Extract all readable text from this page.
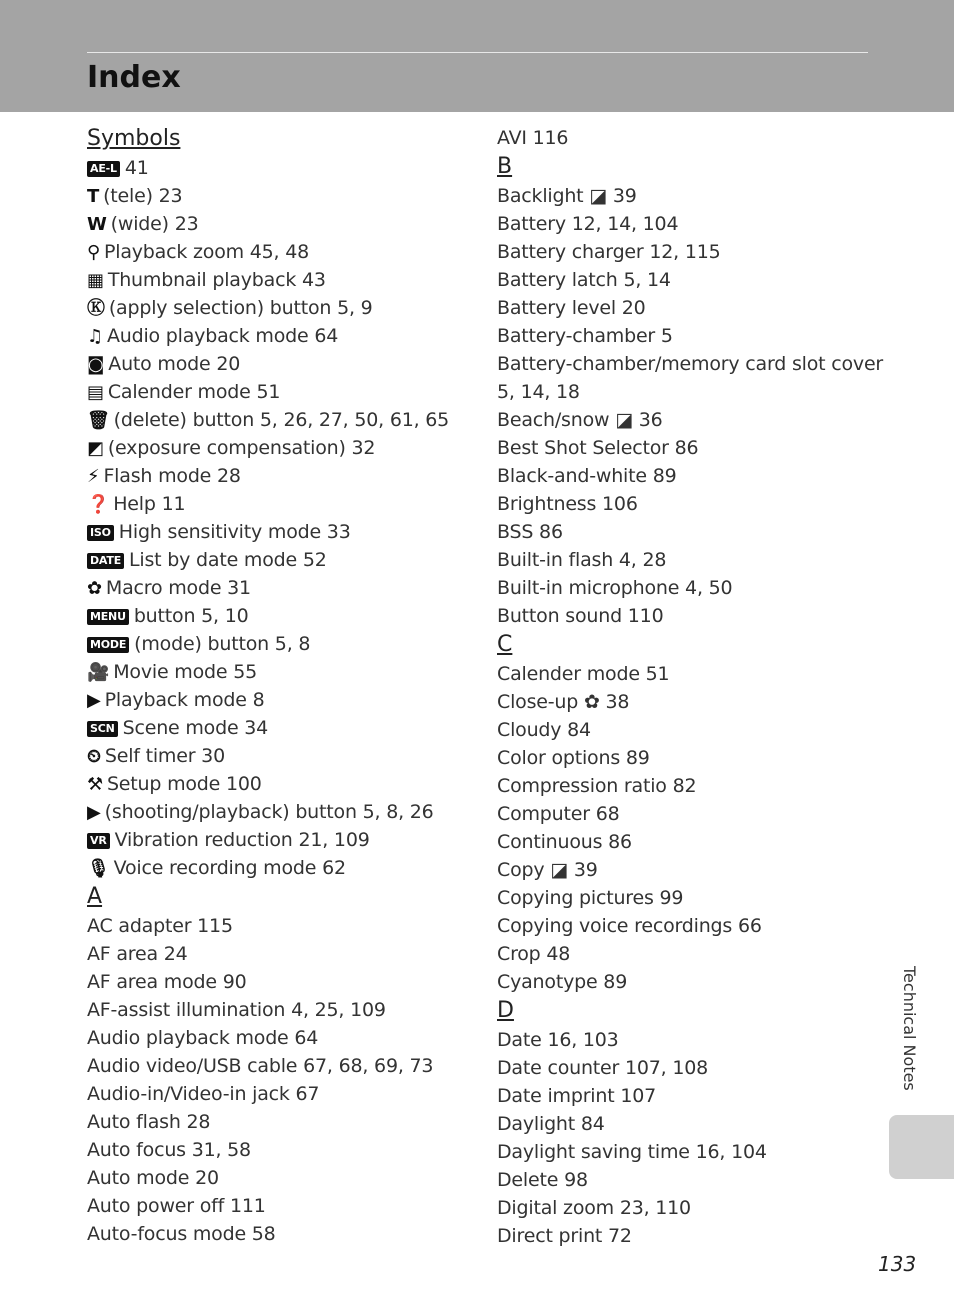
Index
Symbols
AE-L 41
T (tele) 23
W (wide) 23
⚲ Playback zoom 45, 48
▦ Thumbnail playback 43
Ⓚ (apply selection) button 5, 9
♫ Audio playback mode 64
◙ Auto mode 20
▤ Calender mode 51
🗑 (delete) button 5, 26, 27, 50, 61, 65
◩ (exposure compensation) 32
⚡ Flash mode 28
❓ Help 11
ISO High sensitivity mode 33
DATE List by date mode 52
✿ Macro mode 31
MENU button 5, 10
MODE (mode) button 5, 8
🎥 Movie mode 55
▶ Playback mode 8
SCN Scene mode 34
⏲ Self timer 30
⚒ Setup mode 100
▶ (shooting/playback) button 5, 8, 26
VR Vibration reduction 21, 109
🎙 Voice recording mode 62
A
AC adapter 115
AF area 24
AF area mode 90
AF-assist illumination 4, 25, 109
Audio playback mode 64
Audio video/USB cable 67, 68, 69, 73
Audio-in/Video-in jack 67
Auto flash 28
Auto focus 31, 58
Auto mode 20
Auto power off 111
Auto-focus mode 58
AVI 116
B
Backlight ◪ 39
Battery 12, 14, 104
Battery charger 12, 115
Battery latch 5, 14
Battery level 20
Battery-chamber 5
Battery-chamber/memory card slot cover
5, 14, 18
Beach/snow ◪ 36
Best Shot Selector 86
Black-and-white 89
Brightness 106
BSS 86
Built-in flash 4, 28
Built-in microphone 4, 50
Button sound 110
C
Calender mode 51
Close-up ✿ 38
Cloudy 84
Color options 89
Compression ratio 82
Computer 68
Continuous 86
Copy ◪ 39
Copying pictures 99
Copying voice recordings 66
Crop 48
Cyanotype 89
D
Date 16, 103
Date counter 107, 108
Date imprint 107
Daylight 84
Daylight saving time 16, 104
Delete 98
Digital zoom 23, 110
Direct print 72
Technical Notes
133
